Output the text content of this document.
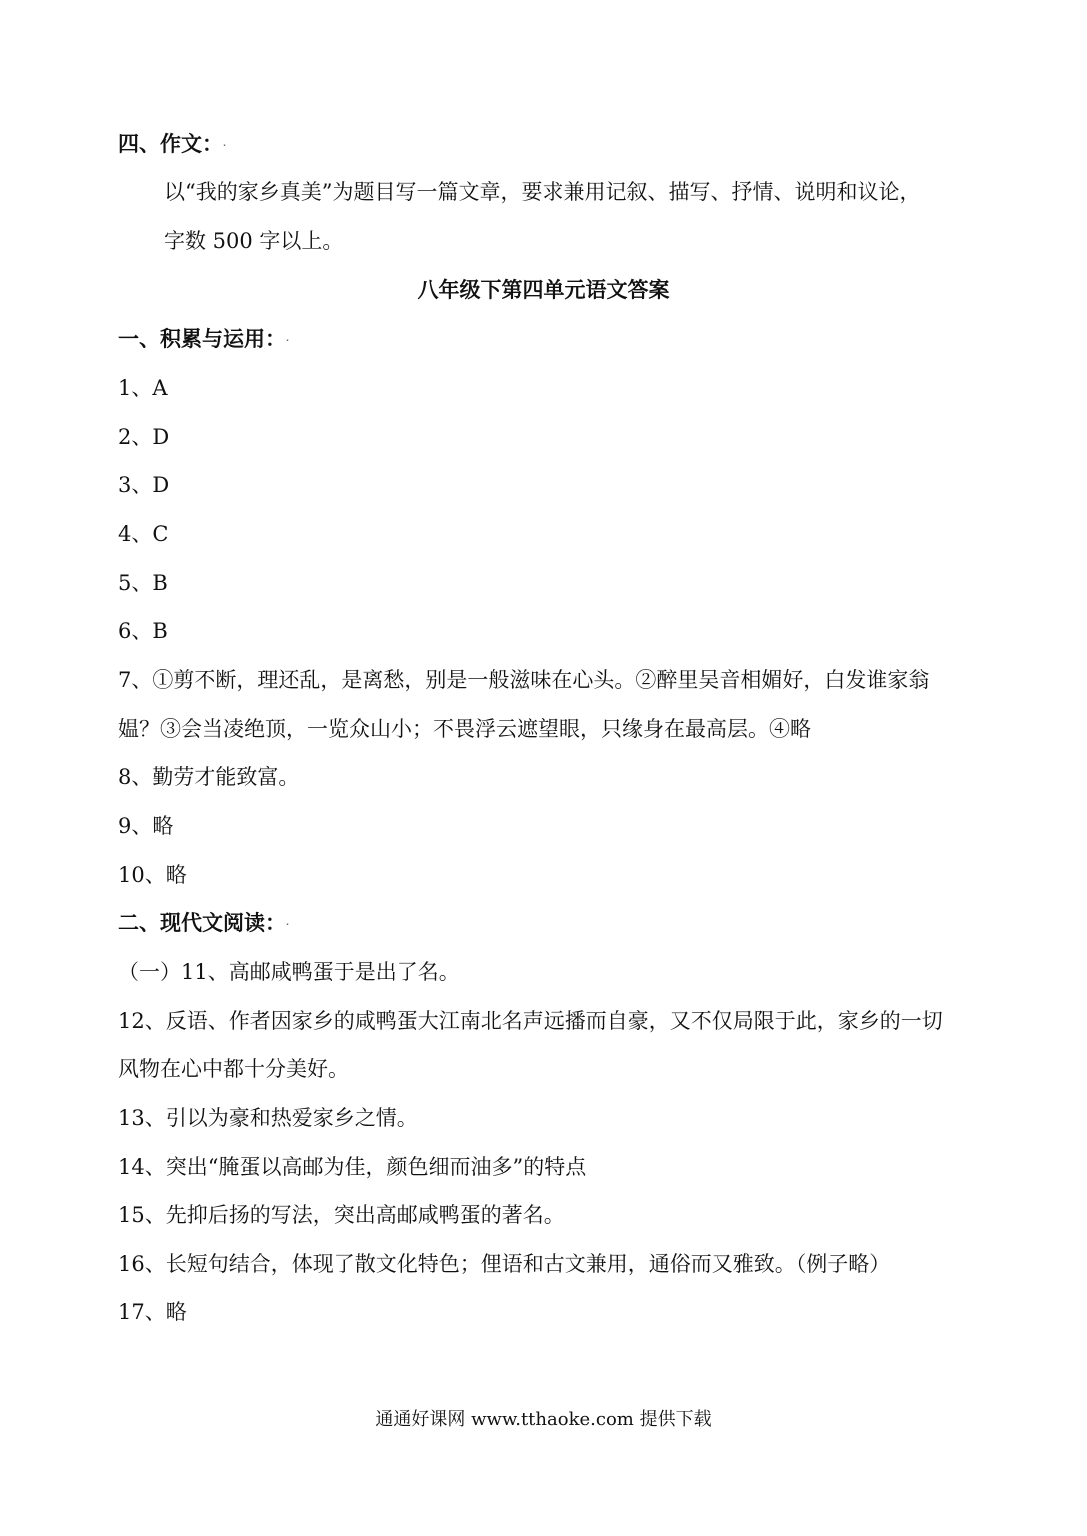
四、作文：.
以“我的家乡真美”为题目写一篇文章，要求兼用记叙、描写、抒情、说明和议论，
字数 500 字以上。
八年级下第四单元语文答案
一、积累与运用：.
1、A
2、D
3、D
4、C
5、B
6、B
7、①剪不断，理还乱，是离愁，别是一般滋味在心头。②醉里吴音相媚好，白发谁家翁
媪？③会当凌绝顶，一览众山小；不畏浮云遮望眼，只缘身在最高层。④略
8、勤劳才能致富。
9、略
10、略
二、现代文阅读：.
（一）11、高邮咸鸭蛋于是出了名。
12、反语、作者因家乡的咸鸭蛋大江南北名声远播而自豪，又不仅局限于此，家乡的一切
风物在心中都十分美好。
13、引以为豪和热爱家乡之情。
14、突出“腌蛋以高邮为佳，颜色细而油多”的特点
15、先抑后扬的写法，突出高邮咸鸭蛋的著名。
16、长短句结合，体现了散文化特色；俚语和古文兼用，通俗而又雅致。（例子略）
17、略
通通好课网 www.tthaoke.com 提供下载
